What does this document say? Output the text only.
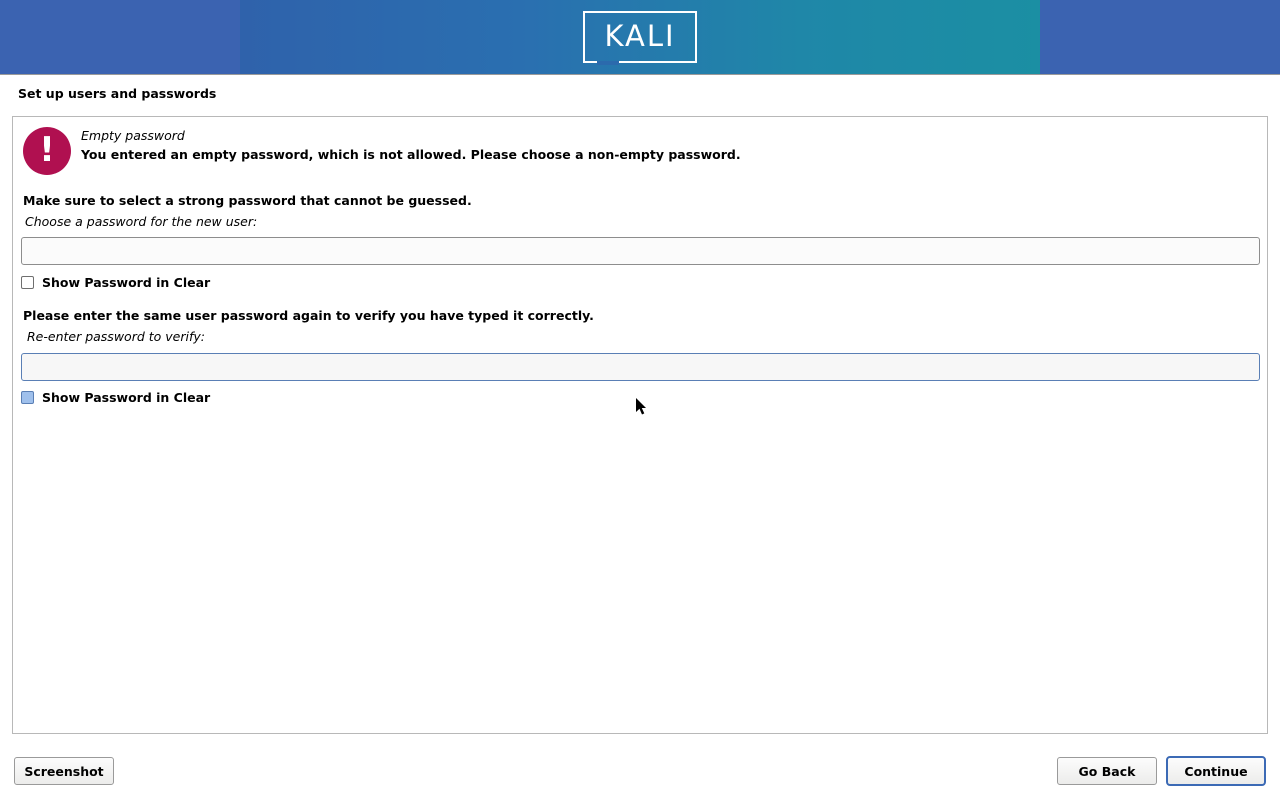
KALI
Set up users and passwords
! Empty password
You entered an empty password, which is not allowed. Please choose a non-empty password.
Make sure to select a strong password that cannot be guessed.
Choose a password for the new user:
Show Password in Clear
Please enter the same user password again to verify you have typed it correctly.
Re-enter password to verify:
Show Password in Clear
Screenshot	Go Back	Continue
